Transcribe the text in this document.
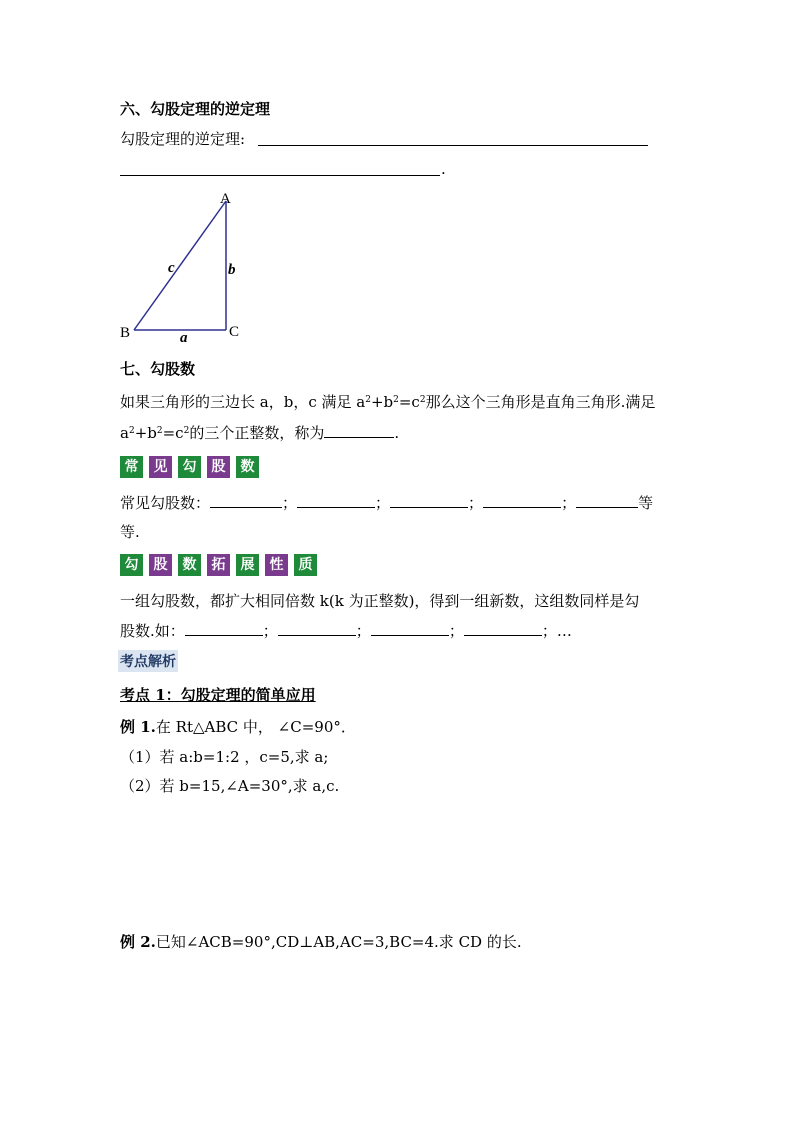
六、勾股定理的逆定理
勾股定理的逆定理:
.
A
B	C
c	b
a
七、勾股数
如果三角形的三边长 a，b，c 满足 $a^2+b^2=c^2$那么这个三角形是直角三角形.满足
$a^2+b^2=c^2$的三个正整数，称为	.
常 见 勾 股 数
常见勾股数：	；	；	；	；	等
等.
勾 股 数 拓 展 性 质
一组勾股数，都扩大相同倍数 k(k 为正整数)，得到一组新数，这组数同样是勾
股数.如：	；	；	；	；…
考点解析
考点 1：勾股定理的简单应用
例 1.在 Rt△ABC 中， ∠C=90°．
（1）若 a:b=1:2 ，c=5,求 a;
（2）若 b=15,∠A=30°,求 a,c.
例 2.已知∠ACB=90°,CD⊥AB,AC=3,BC=4.求 CD 的长.
